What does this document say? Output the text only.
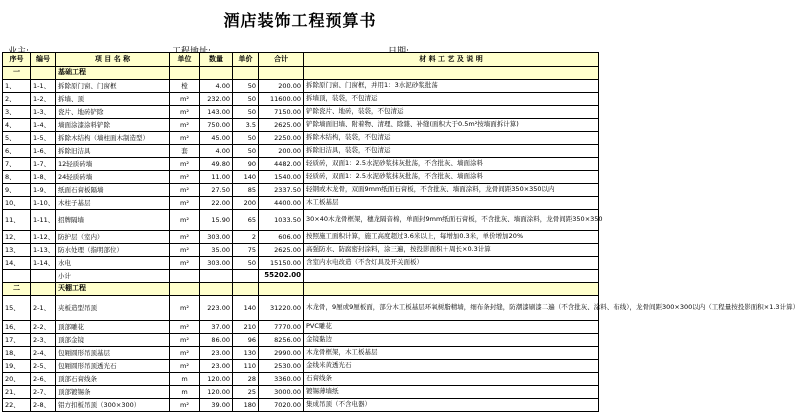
酒店装饰工程预算书
序号	编号	项 目 名 称	单位	数量	单价	合计	材 料 工 艺 及 说 明
一		基础工程					
1、	1-1、	拆除原门窗、门窗框	樘	4.00	50	200.00	拆除原门窗、门窗框，并用1：3水泥砂浆批荡
2、	1-2、	拆墙、顶	m²	232.00	50	11600.00	拆墙顶，装袋，不包清运
3、	1-3、	瓷片、地砖铲除	m²	143.00	50	7150.00	铲除瓷片、地砖，装袋，不包清运
4、	1-4、	墙面涂漆涂料铲除	m²	750.00	3.5	2625.00	铲除墙面旧墙、附着物、清理、除雜、补缝(面积大于0.5m²按墙面拆计算)
5、	1-5、	拆除木结构（墙柱面木制造型）	m²	45.00	50	2250.00	拆除木结构，装袋，不包清运
6、	1-6、	拆除旧洁具	套	4.00	50	200.00	拆除旧洁具，装袋，不包清运
7、	1-7、	12轻质砖墙	m²	49.80	90	4482.00	轻质砖，双面1：2.5水泥砂浆抹灰批荡，不含批灰、墙面涂料
8、	1-8、	24轻质砖墙	m²	11.00	140	1540.00	轻质砖，双面1：2.5水泥砂浆抹灰批荡，不含批灰、墙面涂料
9、	1-9、	纸面石膏板隔墙	m²	27.50	85	2337.50	轻钢或木龙骨，双面9mm纸面石膏板，不含批灰、墙面涂料，龙骨间距350×350以内
10、	1-10、	木柱子基层	m²	22.00	200	4400.00	木工板基层
11、	1-11、	招牌隔墙	m²	15.90	65	1033.50	30×40木龙骨框架，穗龙隔音棉，单面封9mm纸面石膏板，不含批灰、墙面涂料，龙骨间距350×350
12、	1-12、	防护层（室内）	m²	303.00	2	606.00	按照施工面积计算，施工高度超过3.6米以上，每增加0.3米，单价增加20%
13、	1-13、	防水处理（指明部位）	m²	35.00	75	2625.00	高强防水、防腐密封涂料，涂三遍，按投影面积＋周长×0.3计算
14、	1-14、	水电	m²	303.00	50	15150.00	含室内水电改造（不含灯具及开关面板）
		小计				55202.00	
二		天棚工程					
15、	2-1、	夹板造型吊顶	m²	223.00	140	31220.00	木龙骨，9厘或9厘板面，部分木工板基层环氧树脂精墙，细布条封缝，防潮漆刷漆二遍（不含批灰、涂料、布线），龙骨间距300×300以内（工程量按投影面积×1.3计算）
16、	2-2、	顶部雕花	m²	37.00	210	7770.00	PVC雕花
17、	2-3、	顶部金镜	m²	86.00	96	8256.00	金镜黏边
18、	2-4、	包厢圆形吊顶基层	m²	23.00	130	2990.00	木龙骨框架，木工板基层
19、	2-5、	包厢圆形吊顶透光石	m²	23.00	110	2530.00	金线米黄透光石
20、	2-6、	顶部石膏线条	m	120.00	28	3360.00	石膏线条
21、	2-7、	顶部镀锡条	m	120.00	25	3000.00	镀锡薄墙纸
22、	2-8、	铝方扣板吊顶（300×300）	m²	39.00	180	7020.00	集成吊顶（不含电器）
